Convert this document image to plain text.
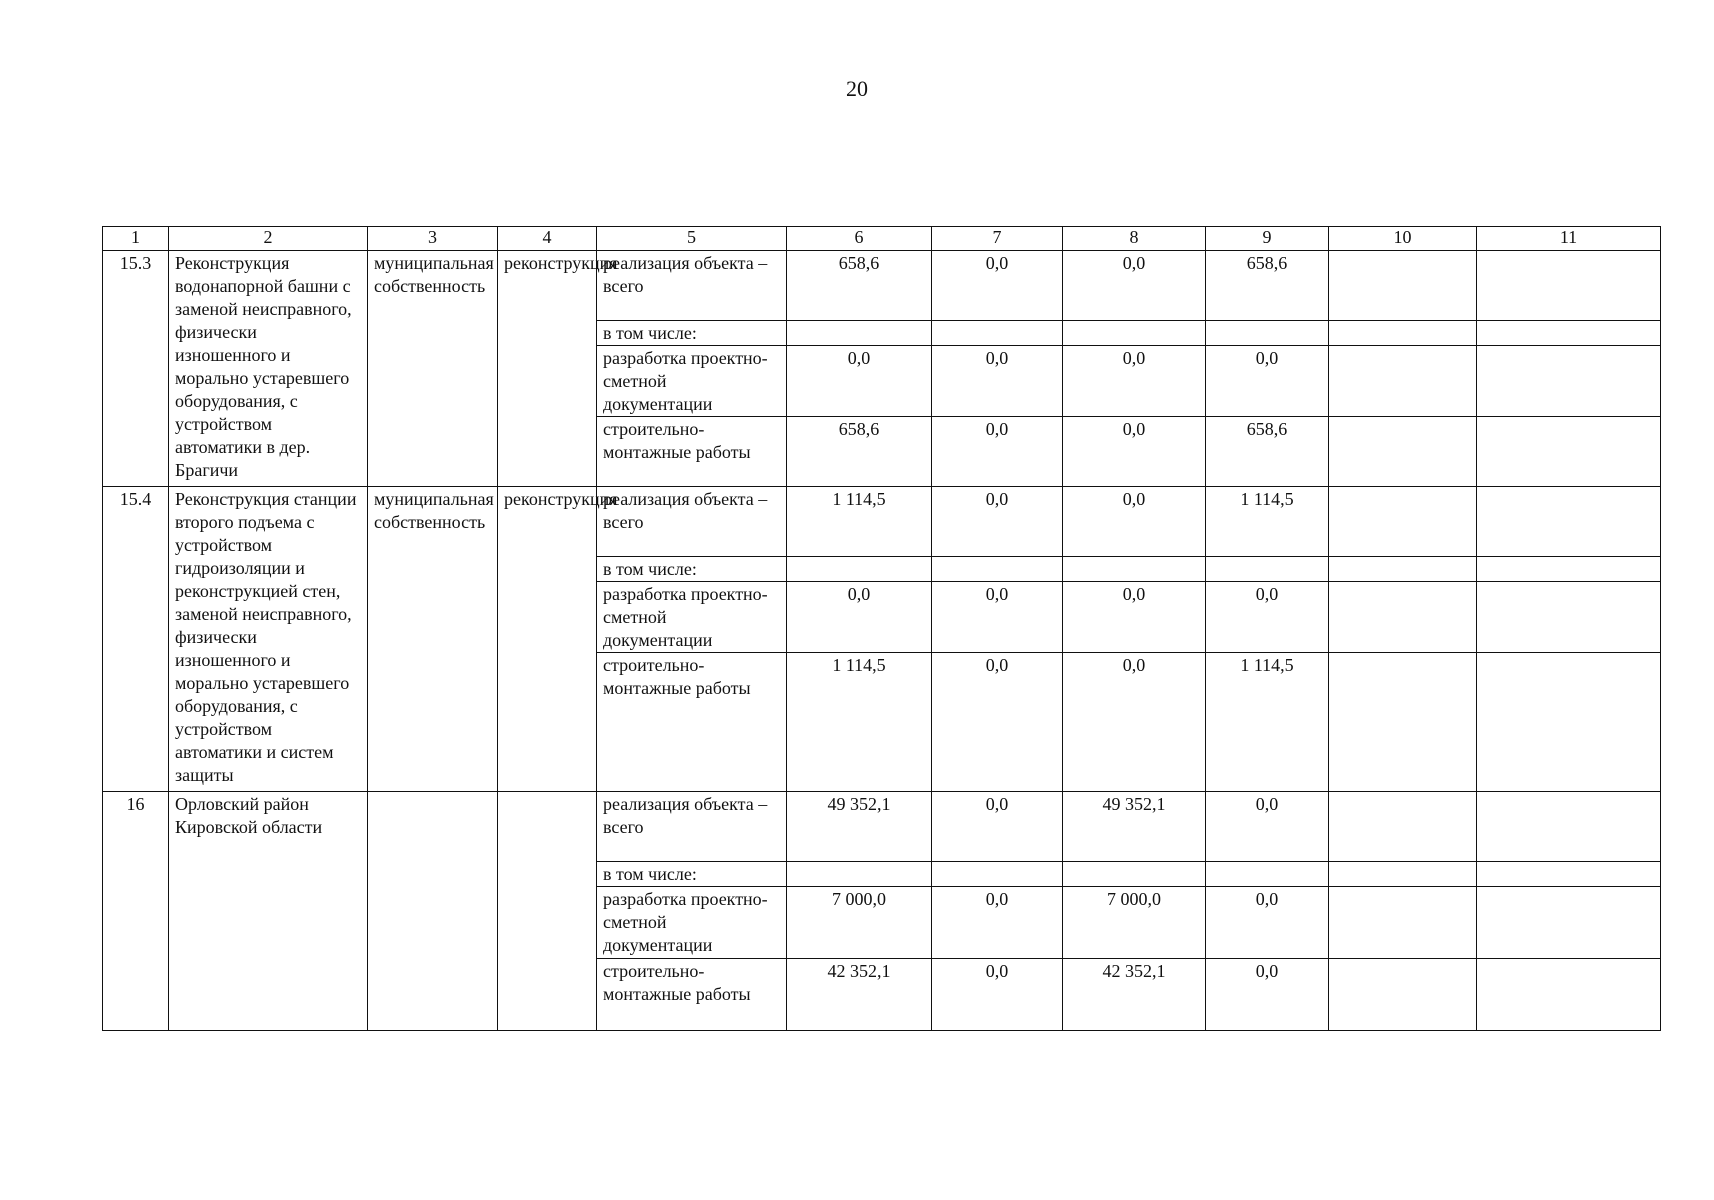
20
1	2	3	4	5	6	7	8	9	10	11
15.3	Реконструкция водонапорной башни с заменой неисправного, физически изношенного и морально устаревшего оборудования, с устройством автоматики в дер. Брагичи	муниципальная собственность	реконструкция	реализация объекта – всего	658,6	0,0	0,0	658,6		
				в том числе:						
				разработка проектно-сметной документации	0,0	0,0	0,0	0,0		
				строительно-монтажные работы	658,6	0,0	0,0	658,6		
15.4	Реконструкция станции второго подъема с устройством гидроизоляции и реконструкцией стен, заменой неисправного, физически изношенного и морально устаревшего оборудования, с устройством автоматики и систем защиты	муниципальная собственность	реконструкция	реализация объекта – всего	1 114,5	0,0	0,0	1 114,5		
				в том числе:						
				разработка проектно-сметной документации	0,0	0,0	0,0	0,0		
				строительно-монтажные работы	1 114,5	0,0	0,0	1 114,5		
16	Орловский район Кировской области			реализация объекта – всего	49 352,1	0,0	49 352,1	0,0		
				в том числе:						
				разработка проектно-сметной документации	7 000,0	0,0	7 000,0	0,0		
				строительно-монтажные работы	42 352,1	0,0	42 352,1	0,0		
